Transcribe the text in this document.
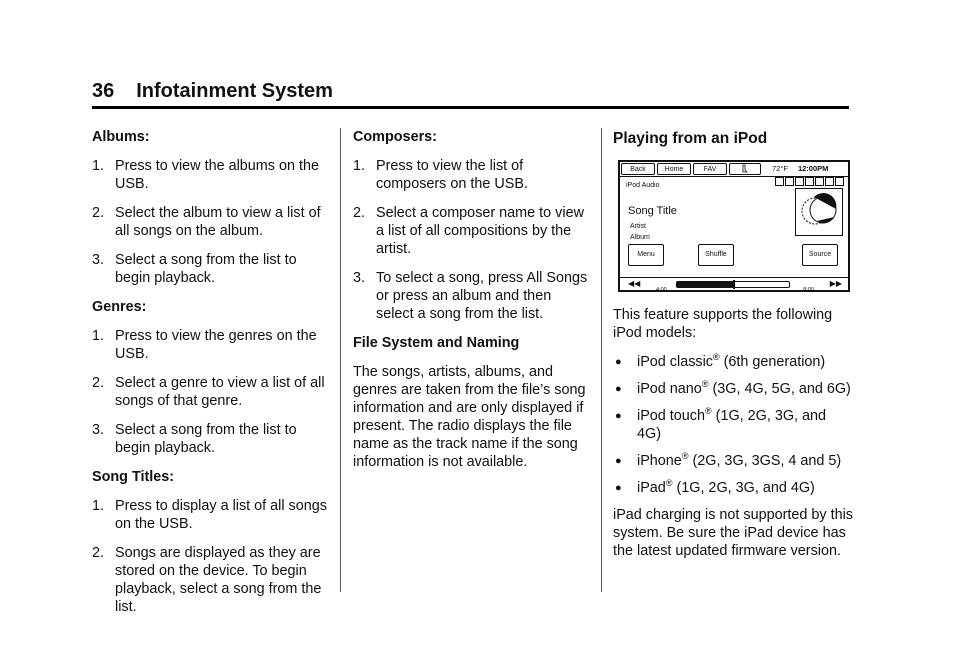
36 Infotainment System
Albums:
1. Press to view the albums on the USB.
2. Select the album to view a list of all songs on the album.
3. Select a song from the list to begin playback.
Genres:
1. Press to view the genres on the USB.
2. Select a genre to view a list of all songs of that genre.
3. Select a song from the list to begin playback.
Song Titles:
1. Press to display a list of all songs on the USB.
2. Songs are displayed as they are stored on the device. To begin playback, select a song from the list.
Composers:
1. Press to view the list of composers on the USB.
2. Select a composer name to view a list of all compositions by the artist.
3. To select a song, press All Songs or press an album and then select a song from the list.
File System and Naming
The songs, artists, albums, and genres are taken from the file’s song information and are only displayed if present. The radio displays the file name as the track name if the song information is not available.
Playing from an iPod
Back	Home	FAV	72°F 12:00PM
iPod Audio
Song Title
Artist
Album
Menu	Shuffle	Source
◀◀
4:00	8:00
▶▶
This feature supports the following iPod models:
●	iPod classic® (6th generation)
●	iPod nano® (3G, 4G, 5G, and 6G)
●	iPod touch® (1G, 2G, 3G, and 4G)
●	iPhone® (2G, 3G, 3GS, 4 and 5)
●	iPad® (1G, 2G, 3G, and 4G)
iPad charging is not supported by this system. Be sure the iPad device has the latest updated firmware version.
